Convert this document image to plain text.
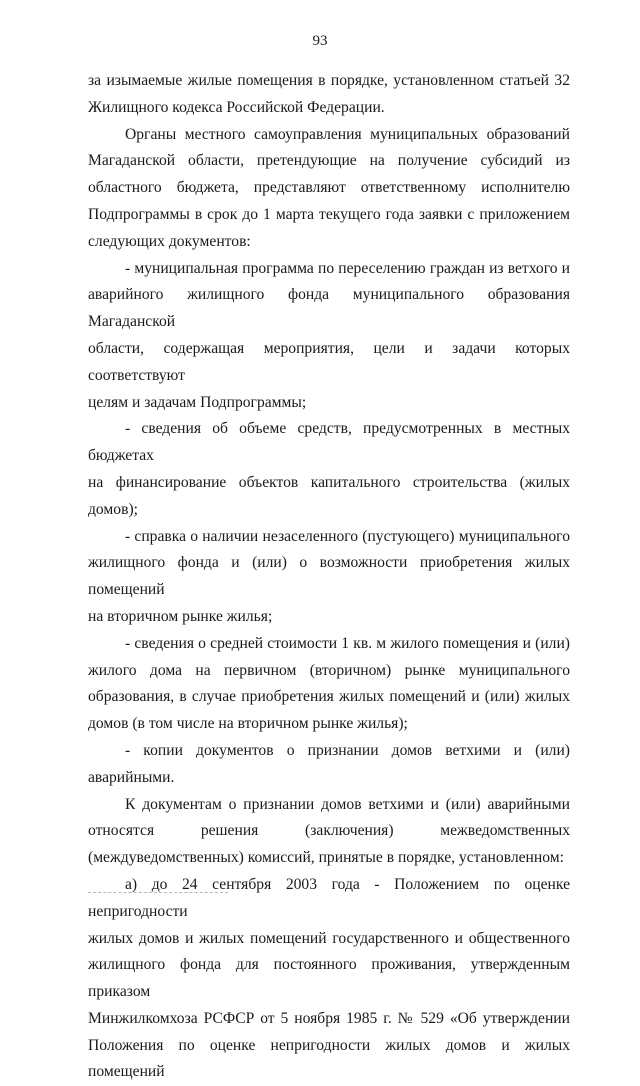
93

за изымаемые жилые помещения в порядке, установленном статьей 32

Жилищного кодекса Российской Федерации.

Органы местного самоуправления муниципальных образований

Магаданской области, претендующие на получение субсидий из

областного бюджета, представляют ответственному исполнителю

Подпрограммы в срок до 1 марта текущего года заявки с приложением

следующих документов:

- муниципальная программа по переселению граждан из ветхого и

аварийного жилищного фонда муниципального образования Магаданской

области, содержащая мероприятия, цели и задачи которых соответствуют

целям и задачам Подпрограммы;

- сведения об объеме средств, предусмотренных в местных бюджетах

на финансирование объектов капитального строительства (жилых домов);

- справка о наличии незаселенного (пустующего) муниципального

жилищного фонда и (или) о возможности приобретения жилых помещений

на вторичном рынке жилья;

- сведения о средней стоимости 1 кв. м жилого помещения и (или)

жилого дома на первичном (вторичном) рынке муниципального

образования, в случае приобретения жилых помещений и (или) жилых

домов (в том числе на вторичном рынке жилья);

- копии документов о признании домов ветхими и (или) аварийными.

К документам о признании домов ветхими и (или) аварийными

относятся решения (заключения) межведомственных

(междуведомственных) комиссий, принятые в порядке, установленном:

а) до 24 сентября 2003 года - Положением по оценке непригодности

жилых домов и жилых помещений государственного и общественного

жилищного фонда для постоянного проживания, утвержденным приказом

Минжилкомхоза РСФСР от 5 ноября 1985 г. № 529 «Об утверждении

Положения по оценке непригодности жилых домов и жилых помещений
